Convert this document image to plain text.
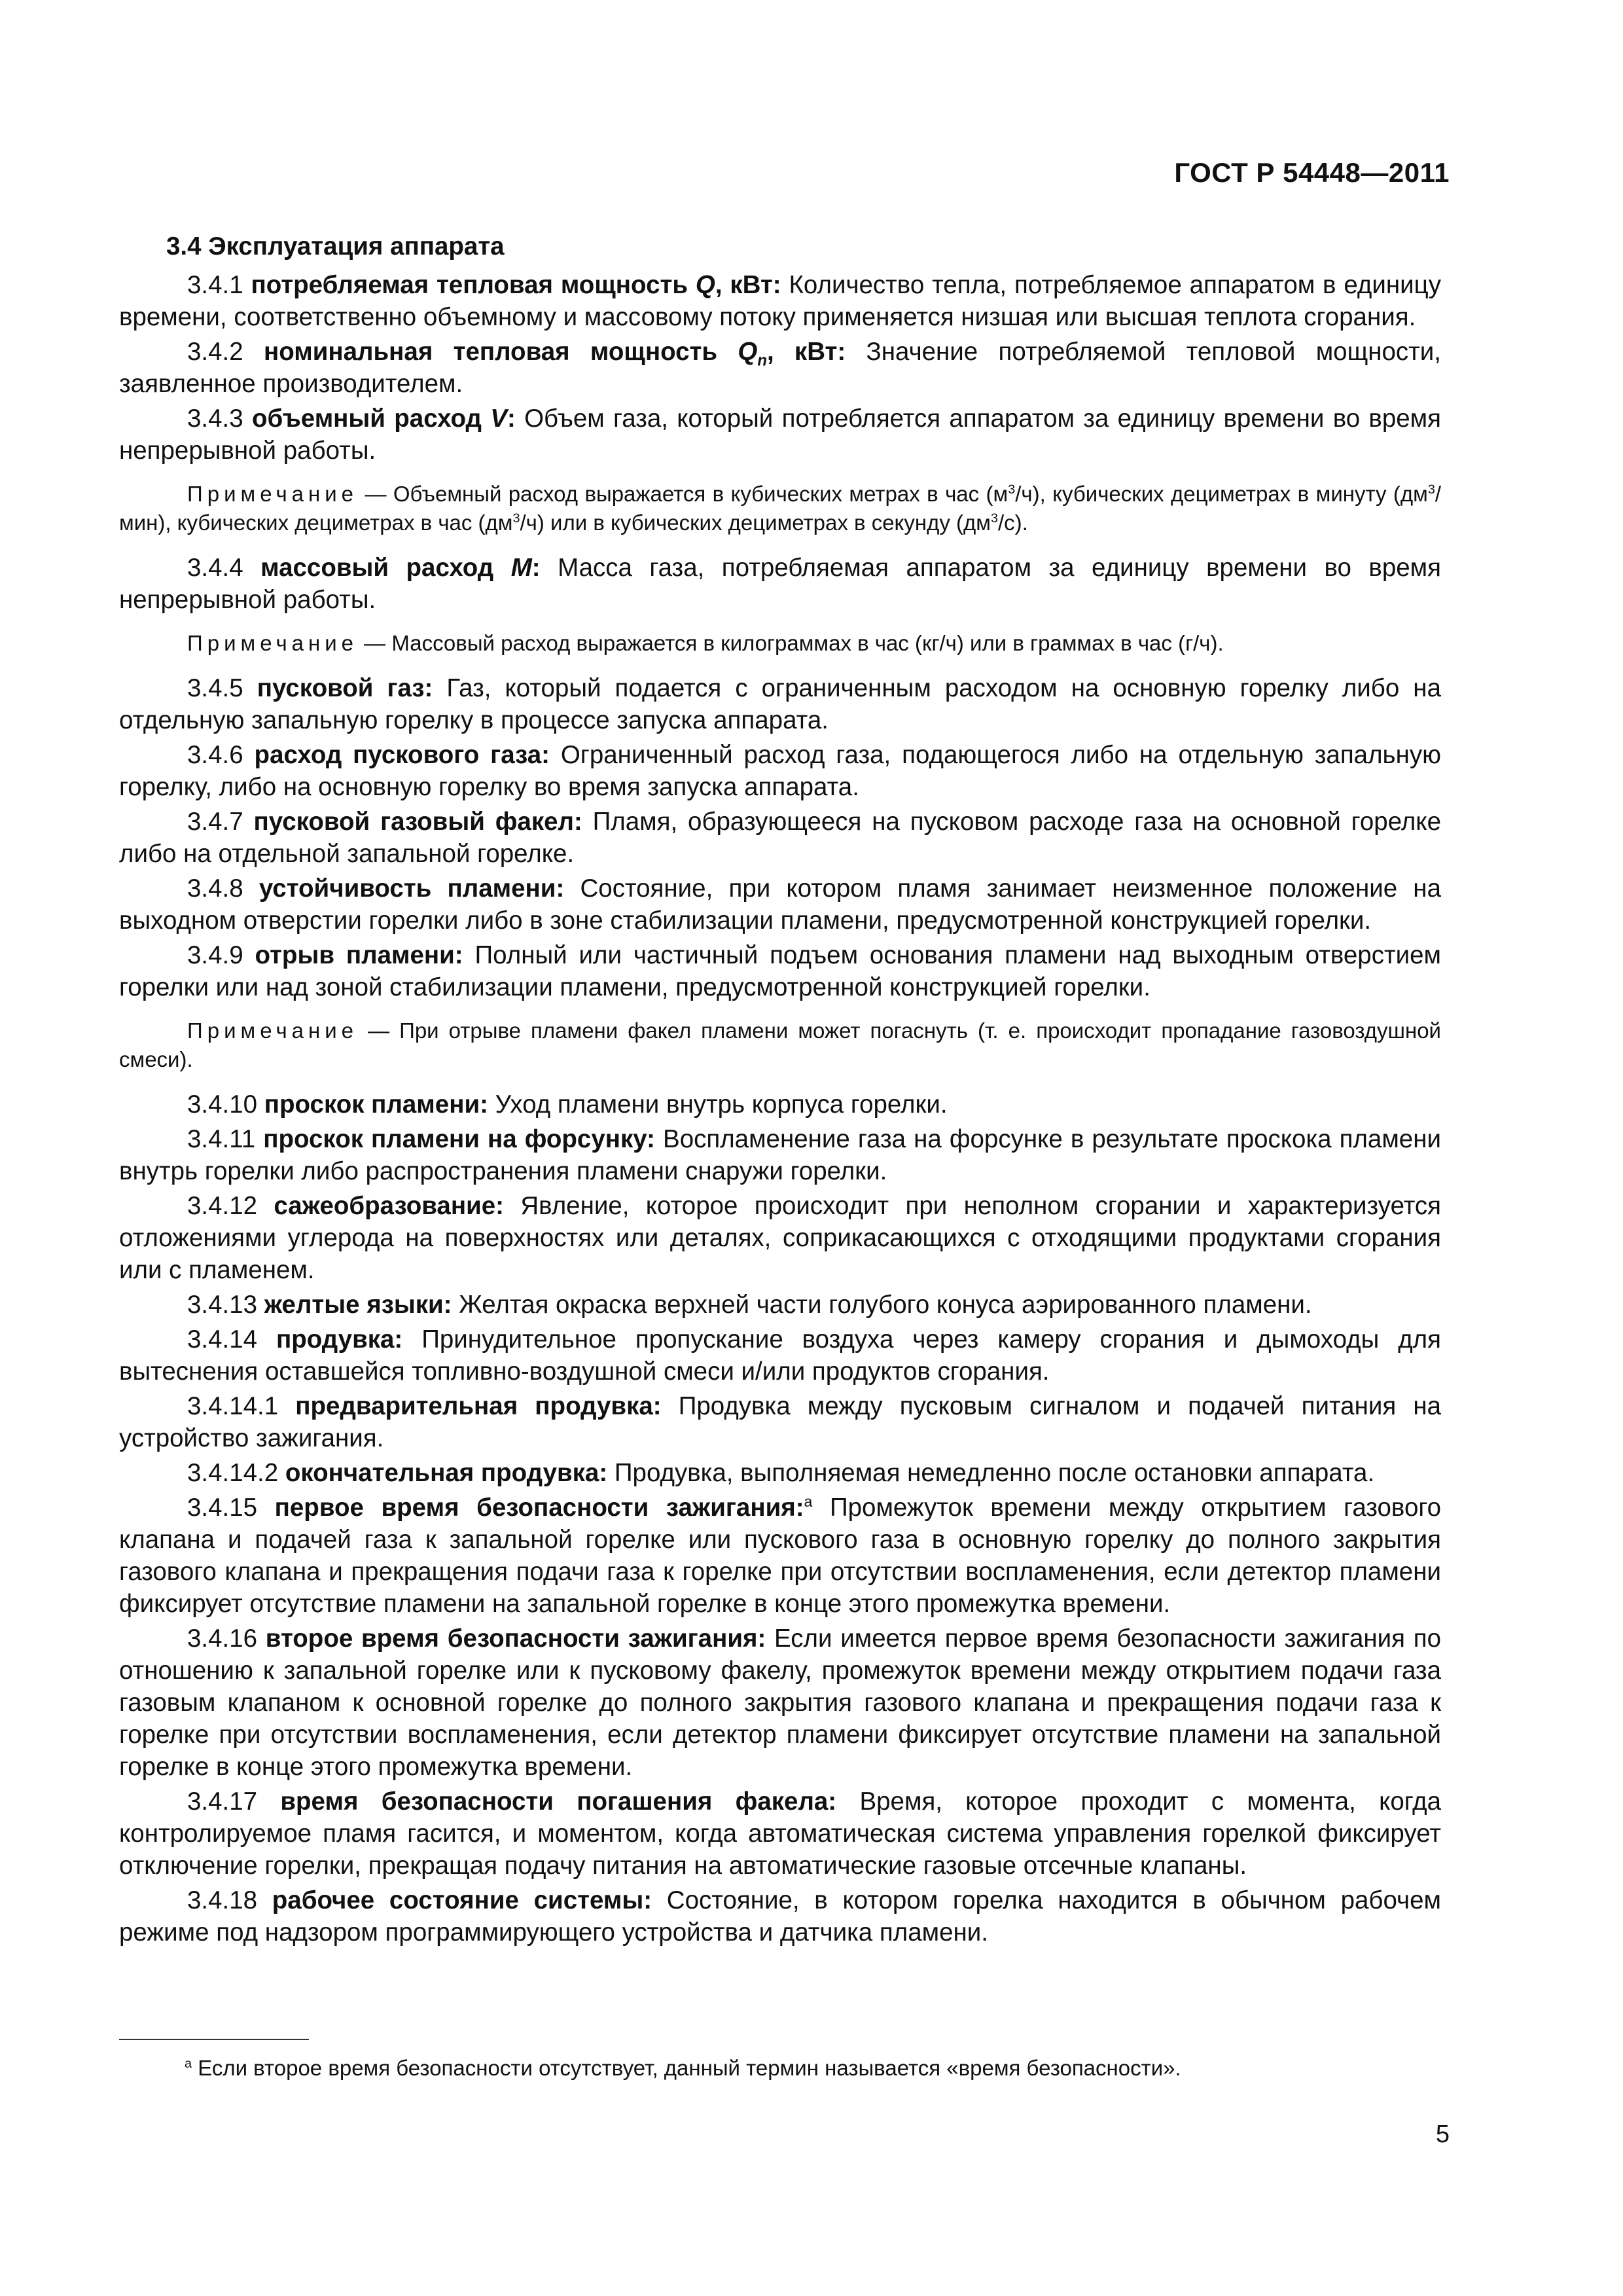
ГОСТ Р 54448—2011
3.4 Эксплуатация аппарата

3.4.1 потребляемая тепловая мощность Q, кВт: Количество тепла, потребляемое аппаратом в единицу времени, соответственно объемному и массовому потоку применяется низшая или высшая теплота сгорания.

3.4.2 номинальная тепловая мощность $Q_n$, кВт: Значение потребляемой тепловой мощности, заявленное производителем.

3.4.3 объемный расход V: Объем газа, который потребляется аппаратом за единицу времени во время непрерывной работы.

Примечание — Объемный расход выражается в кубических метрах в час $(м^3/ч)$, кубических дециметрах в минуту $(дм^3/мин)$, кубических дециметрах в час $(дм^3/ч)$ или в кубических дециметрах в секунду $(дм^3/с)$.

3.4.4 массовый расход M: Масса газа, потребляемая аппаратом за единицу времени во время непрерывной работы.

Примечание — Массовый расход выражается в килограммах в час (кг/ч) или в граммах в час (г/ч).

3.4.5 пусковой газ: Газ, который подается с ограниченным расходом на основную горелку либо на отдельную запальную горелку в процессе запуска аппарата.

3.4.6 расход пускового газа: Ограниченный расход газа, подающегося либо на отдельную запальную горелку, либо на основную горелку во время запуска аппарата.

3.4.7 пусковой газовый факел: Пламя, образующееся на пусковом расходе газа на основной горелке либо на отдельной запальной горелке.

3.4.8 устойчивость пламени: Состояние, при котором пламя занимает неизменное положение на выходном отверстии горелки либо в зоне стабилизации пламени, предусмотренной конструкцией горелки.

3.4.9 отрыв пламени: Полный или частичный подъем основания пламени над выходным отверстием горелки или над зоной стабилизации пламени, предусмотренной конструкцией горелки.

Примечание — При отрыве пламени факел пламени может погаснуть (т. е. происходит пропадание газовоздушной смеси).

3.4.10 проскок пламени: Уход пламени внутрь корпуса горелки.

3.4.11 проскок пламени на форсунку: Воспламенение газа на форсунке в результате проскока пламени внутрь горелки либо распространения пламени снаружи горелки.

3.4.12 сажеобразование: Явление, которое происходит при неполном сгорании и характеризуется отложениями углерода на поверхностях или деталях, соприкасающихся с отходящими продуктами сгорания или с пламенем.

3.4.13 желтые языки: Желтая окраска верхней части голубого конуса аэрированного пламени.

3.4.14 продувка: Принудительное пропускание воздуха через камеру сгорания и дымоходы для вытеснения оставшейся топливно-воздушной смеси и/или продуктов сгорания.

3.4.14.1 предварительная продувка: Продувка между пусковым сигналом и подачей питания на устройство зажигания.

3.4.14.2 окончательная продувка: Продувка, выполняемая немедленно после остановки аппарата.

3.4.15 первое время безопасности зажигания:$^a$ Промежуток времени между открытием газового клапана и подачей газа к запальной горелке или пускового газа в основную горелку до полного закрытия газового клапана и прекращения подачи газа к горелке при отсутствии воспламенения, если детектор пламени фиксирует отсутствие пламени на запальной горелке в конце этого промежутка времени.

3.4.16 второе время безопасности зажигания: Если имеется первое время безопасности зажигания по отношению к запальной горелке или к пусковому факелу, промежуток времени между открытием подачи газа газовым клапаном к основной горелке до полного закрытия газового клапана и прекращения подачи газа к горелке при отсутствии воспламенения, если детектор пламени фиксирует отсутствие пламени на запальной горелке в конце этого промежутка времени.

3.4.17 время безопасности погашения факела: Время, которое проходит с момента, когда контролируемое пламя гасится, и моментом, когда автоматическая система управления горелкой фиксирует отключение горелки, прекращая подачу питания на автоматические газовые отсечные клапаны.

3.4.18 рабочее состояние системы: Состояние, в котором горелка находится в обычном рабочем режиме под надзором программирующего устройства и датчика пламени.

$^a$ Если второе время безопасности отсутствует, данный термин называется «время безопасности».
5
